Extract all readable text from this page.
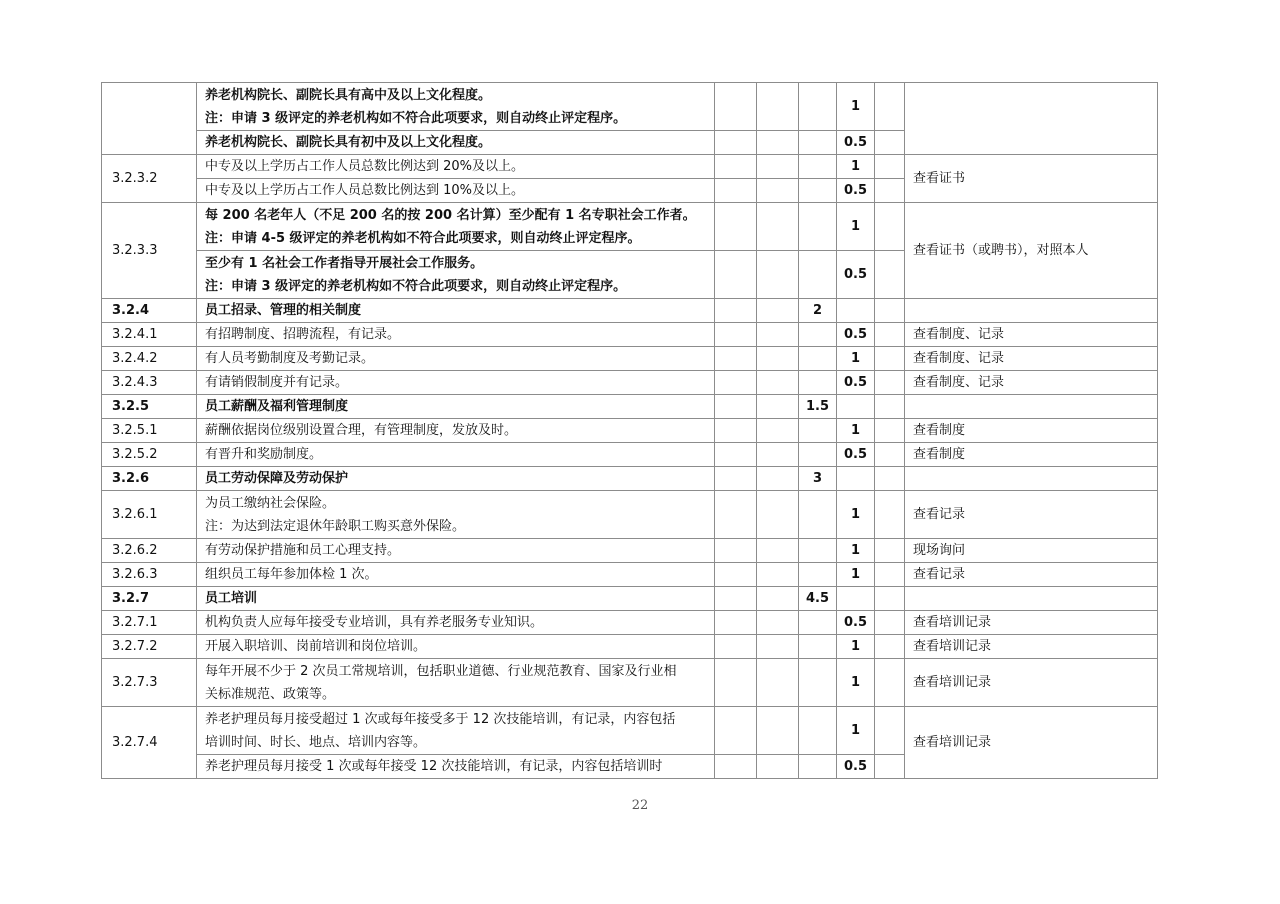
	养老机构院长、副院长具有高中及以上文化程度。
注：申请 3 级评定的养老机构如不符合此项要求，则自动终止评定程序。				1		
	养老机构院长、副院长具有初中及以上文化程度。				0.5		
3.2.3.2	中专及以上学历占工作人员总数比例达到 20%及以上。				1		查看证书
	中专及以上学历占工作人员总数比例达到 10%及以上。				0.5		
3.2.3.3	每 200 名老年人（不足 200 名的按 200 名计算）至少配有 1 名专职社会工作者。
注：申请 4-5 级评定的养老机构如不符合此项要求，则自动终止评定程序。				1		查看证书（或聘书），对照本人

	至少有 1 名社会工作者指导开展社会工作服务。
注：申请 3 级评定的养老机构如不符合此项要求，则自动终止评定程序。				0.5		
3.2.4	员工招录、管理的相关制度			2			
3.2.4.1	有招聘制度、招聘流程，有记录。				0.5		查看制度、记录
3.2.4.2	有人员考勤制度及考勤记录。				1		查看制度、记录
3.2.4.3	有请销假制度并有记录。				0.5		查看制度、记录
3.2.5	员工薪酬及福利管理制度			1.5			
3.2.5.1	薪酬依据岗位级别设置合理，有管理制度，发放及时。				1		查看制度
3.2.5.2	有晋升和奖励制度。				0.5		查看制度
3.2.6	员工劳动保障及劳动保护			3			
3.2.6.1	为员工缴纳社会保险。
注：为达到法定退休年龄职工购买意外保险。				1		查看记录
3.2.6.2	有劳动保护措施和员工心理支持。				1		现场询问
3.2.6.3	组织员工每年参加体检 1 次。				1		查看记录
3.2.7	员工培训			4.5			
3.2.7.1	机构负责人应每年接受专业培训，具有养老服务专业知识。				0.5		查看培训记录
3.2.7.2	开展入职培训、岗前培训和岗位培训。				1		查看培训记录
3.2.7.3	每年开展不少于 2 次员工常规培训，包括职业道德、行业规范教育、国家及行业相
关标准规范、政策等。				1		查看培训记录
3.2.7.4	养老护理员每月接受超过 1 次或每年接受多于 12 次技能培训，有记录，内容包括
培训时间、时长、地点、培训内容等。				1		查看培训记录
	养老护理员每月接受 1 次或每年接受 12 次技能培训，有记录，内容包括培训时				0.5		
22
